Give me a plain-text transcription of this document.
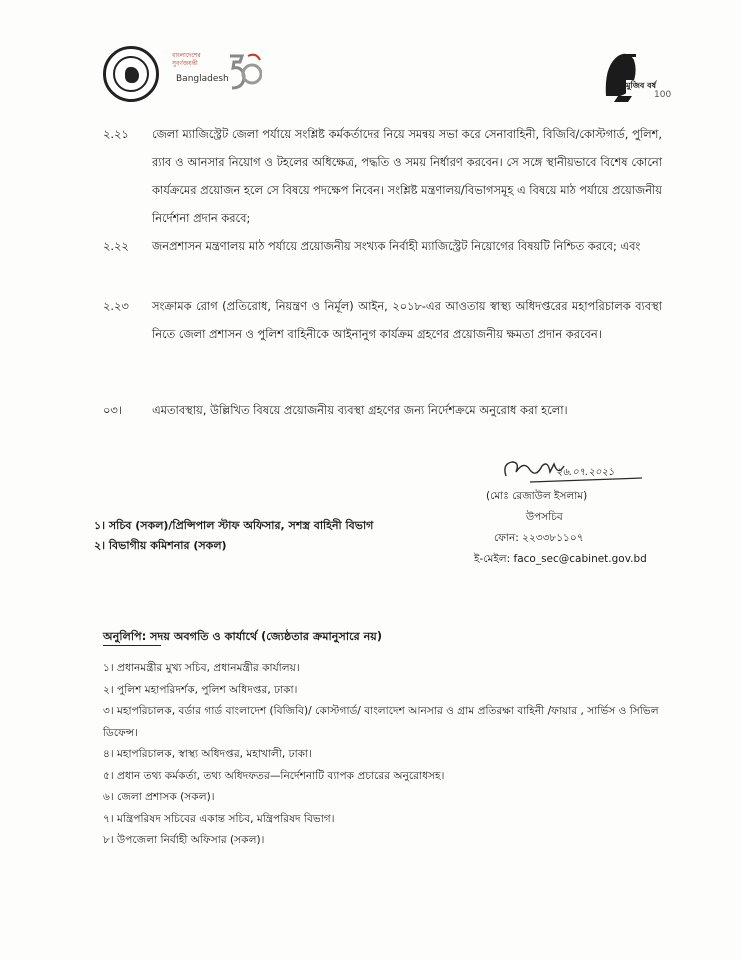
বাংলাদেশের সুবর্ণজয়ন্তী
Bangladesh
মুজিব বর্ষ
100
২.২১ জেলা ম্যাজিস্ট্রেট জেলা পর্যায়ে সংশ্লিষ্ট কর্মকর্তাদের নিয়ে সমন্বয় সভা করে সেনাবাহিনী, বিজিবি/কোস্টগার্ড, পুলিশ, র‍্যাব ও আনসার নিয়োগ ও টহলের অধিক্ষেত্র, পদ্ধতি ও সময় নির্ধারণ করবেন। সে সঙ্গে স্থানীয়ভাবে বিশেষ কোনো কার্যক্রমের প্রয়োজন হলে সে বিষয়ে পদক্ষেপ নিবেন। সংশ্লিষ্ট মন্ত্রণালয়/বিভাগসমূহ এ বিষয়ে মাঠ পর্যায়ে প্রয়োজনীয় নির্দেশনা প্রদান করবে;
২.২২ জনপ্রশাসন মন্ত্রণালয় মাঠ পর্যায়ে প্রয়োজনীয় সংখ্যক নির্বাহী ম্যাজিস্ট্রেট নিয়োগের বিষয়টি নিশ্চিত করবে; এবং
২.২৩ সংক্রামক রোগ (প্রতিরোধ, নিয়ন্ত্রণ ও নির্মূল) আইন, ২০১৮-এর আওতায় স্বাস্থ্য অধিদপ্তরের মহাপরিচালক ব্যবস্থা নিতে জেলা প্রশাসন ও পুলিশ বাহিনীকে আইনানুগ কার্যক্রম গ্রহণের প্রয়োজনীয় ক্ষমতা প্রদান করবেন।
০৩।	এমতাবস্থায়, উল্লিখিত বিষয়ে প্রয়োজনীয় ব্যবস্থা গ্রহণের জন্য নির্দেশক্রমে অনুরোধ করা হলো।
২৬.০৭.২০২১
(মোঃ রেজাউল ইসলাম)
উপসচিব
ফোন: ২২৩৩৮১১০৭
ই-মেইল: faco_sec@cabinet.gov.bd
১। সচিব (সকল)/প্রিন্সিপাল স্টাফ অফিসার, সশস্ত্র বাহিনী বিভাগ
২। বিভাগীয় কমিশনার (সকল)
অনুলিপি: সদয় অবগতি ও কার্যার্থে (জ্যেষ্ঠতার ক্রমানুসারে নয়)
১। প্রধানমন্ত্রীর মুখ্য সচিব, প্রধানমন্ত্রীর কার্যালয়।
২। পুলিশ মহাপরিদর্শক, পুলিশ অধিদপ্তর, ঢাকা।
৩। মহাপরিচালক, বর্ডার গার্ড বাংলাদেশ (বিজিবি)/ কোস্টগার্ড/ বাংলাদেশ আনসার ও গ্রাম প্রতিরক্ষা বাহিনী /ফায়ার , সার্ভিস ও সিভিল ডিফেন্স।
৪। মহাপরিচালক, স্বাস্থ্য অধিদপ্তর, মহাখালী, ঢাকা।
৫। প্রধান তথ্য কর্মকর্তা, তথ্য অধিদফতর—নির্দেশনাটি ব্যাপক প্রচারের অনুরোধসহ।
৬। জেলা প্রশাসক (সকল)।
৭। মন্ত্রিপরিষদ সচিবের একান্ত সচিব, মন্ত্রিপরিষদ বিভাগ।
৮। উপজেলা নির্বাহী অফিসার (সকল)।
